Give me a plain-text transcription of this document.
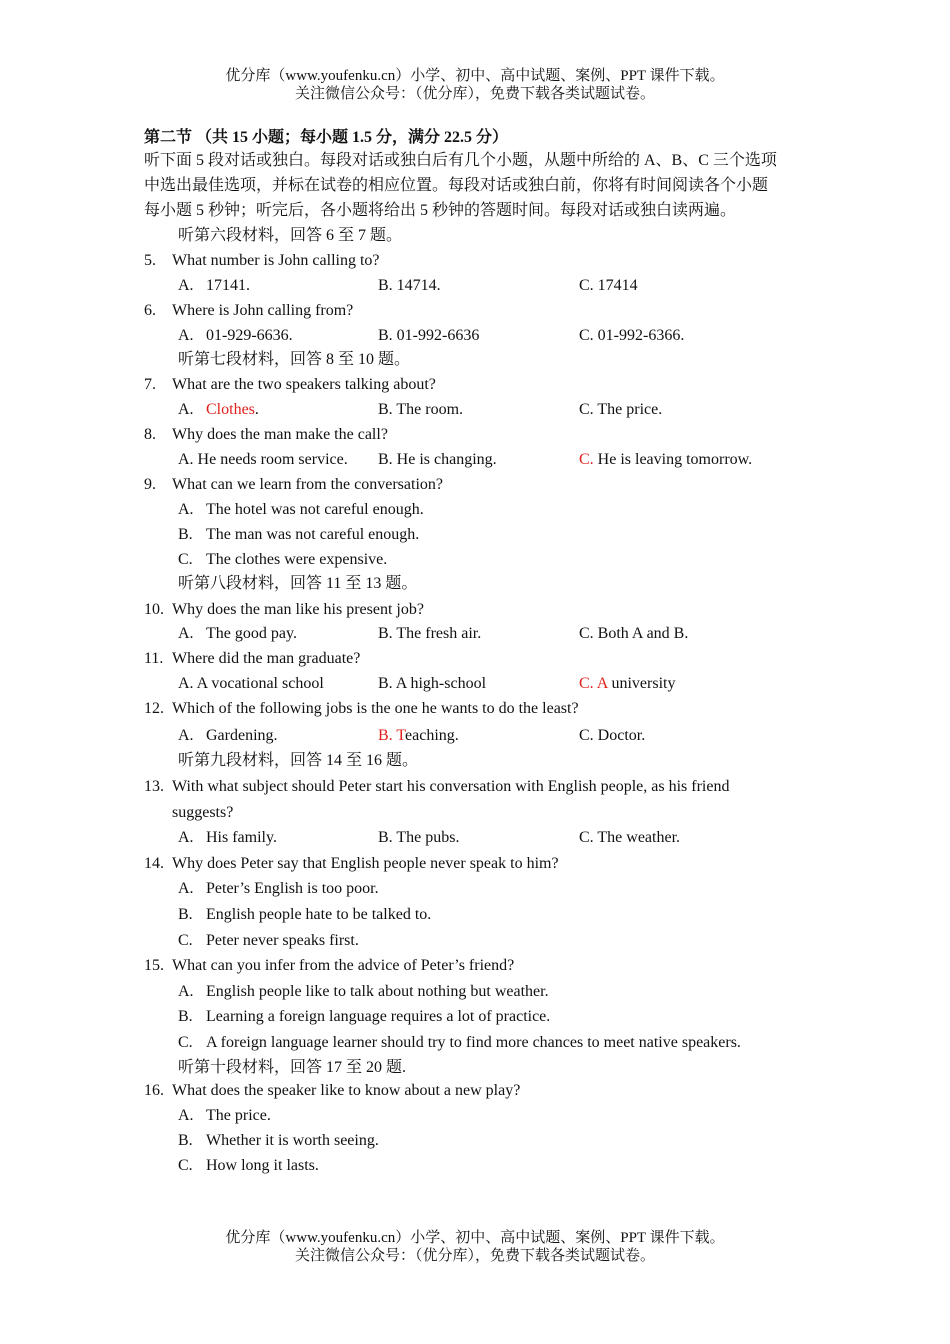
优分库（www.youfenku.cn）小学、初中、高中试题、案例、PPT 课件下载。
关注微信公众号：（优分库），免费下载各类试题试卷。
第二节 （共 15 小题；每小题 1.5 分，满分 22.5 分）
听下面 5 段对话或独白。每段对话或独白后有几个小题，从题中所给的 A、B、C 三个选项
中选出最佳选项，并标在试卷的相应位置。每段对话或独白前，你将有时间阅读各个小题
每小题 5 秒钟；听完后，各小题将给出 5 秒钟的答题时间。每段对话或独白读两遍。
听第六段材料，回答 6 至 7 题。
5. What number is John calling to?
A. 17141.	B. 14714.	C. 17414
6. Where is John calling from?
A. 01-929-6636.	B. 01-992-6636	C. 01-992-6366.
听第七段材料，回答 8 至 10 题。
7. What are the two speakers talking about?
A. Clothes.	B. The room.	C. The price.
8. Why does the man make the call?
A. He needs room service. B. He is changing.	C. He is leaving tomorrow.
9. What can we learn from the conversation?
A. The hotel was not careful enough.
B. The man was not careful enough.
C. The clothes were expensive.
听第八段材料，回答 11 至 13 题。
10. Why does the man like his present job?
A. The good pay.	B. The fresh air.	C. Both A and B.
11. Where did the man graduate?
A. A vocational school	B. A high-school	C. A university
12. Which of the following jobs is the one he wants to do the least?
A. Gardening.	B. Teaching.	C. Doctor.
听第九段材料，回答 14 至 16 题。
13. With what subject should Peter start his conversation with English people, as his friend
suggests?
A. His family.	B. The pubs.	C. The weather.
14. Why does Peter say that English people never speak to him?
A. Peter’s English is too poor.
B. English people hate to be talked to.
C. Peter never speaks first.
15. What can you infer from the advice of Peter’s friend?
A. English people like to talk about nothing but weather.
B. Learning a foreign language requires a lot of practice.
C. A foreign language learner should try to find more chances to meet native speakers.
听第十段材料，回答 17 至 20 题.
16. What does the speaker like to know about a new play?
A. The price.
B. Whether it is worth seeing.
C. How long it lasts.
优分库（www.youfenku.cn）小学、初中、高中试题、案例、PPT 课件下载。
关注微信公众号：（优分库），免费下载各类试题试卷。
